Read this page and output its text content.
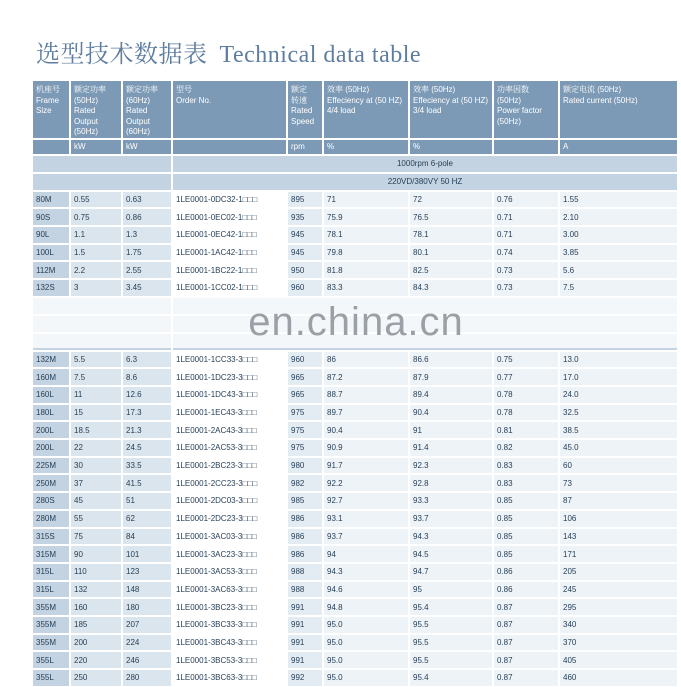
选型技术数据表 Technical data table
机座号
Frame
Size	额定功率
(50Hz)
Rated Output
(50Hz)	额定功率
(60Hz)
Rated Output
(60Hz)	型号
Order No.	额定
转速
Rated
Speed	效率 (50Hz)
Effeciency at (50 HZ)
4/4 load	效率 (50Hz)
Effeciency at (50 HZ)
3/4 load	功率因数 (50Hz)
Power factor
(50Hz)	额定电流 (50Hz)
Rated current (50Hz)
	kW	kW		rpm	%	%		A
			1000rpm 6-pole					
			220VD/380VY 50 HZ					
80M	0.55	0.63	1LE0001-0DC32-1□□□	895	71	72	0.76	1.55
90S	0.75	0.86	1LE0001-0EC02-1□□□	935	75.9	76.5	0.71	2.10
90L	1.1	1.3	1LE0001-0EC42-1□□□	945	78.1	78.1	0.71	3.00
100L	1.5	1.75	1LE0001-1AC42-1□□□	945	79.8	80.1	0.74	3.85
112M	2.2	2.55	1LE0001-1BC22-1□□□	950	81.8	82.5	0.73	5.6
132S	3	3.45	1LE0001-1CC02-1□□□	960	83.3	84.3	0.73	7.5

132M	5.5	6.3	1LE0001-1CC33-3□□□	960	86	86.6	0.75	13.0
160M	7.5	8.6	1LE0001-1DC23-3□□□	965	87.2	87.9	0.77	17.0
160L	11	12.6	1LE0001-1DC43-3□□□	965	88.7	89.4	0.78	24.0
180L	15	17.3	1LE0001-1EC43-3□□□	975	89.7	90.4	0.78	32.5
200L	18.5	21.3	1LE0001-2AC43-3□□□	975	90.4	91	0.81	38.5
200L	22	24.5	1LE0001-2AC53-3□□□	975	90.9	91.4	0.82	45.0
225M	30	33.5	1LE0001-2BC23-3□□□	980	91.7	92.3	0.83	60
250M	37	41.5	1LE0001-2CC23-3□□□	982	92.2	92.8	0.83	73
280S	45	51	1LE0001-2DC03-3□□□	985	92.7	93.3	0.85	87
280M	55	62	1LE0001-2DC23-3□□□	986	93.1	93.7	0.85	106
315S	75	84	1LE0001-3AC03-3□□□	986	93.7	94.3	0.85	143
315M	90	101	1LE0001-3AC23-3□□□	986	94	94.5	0.85	171
315L	110	123	1LE0001-3AC53-3□□□	988	94.3	94.7	0.86	205
315L	132	148	1LE0001-3AC63-3□□□	988	94.6	95	0.86	245
355M	160	180	1LE0001-3BC23-3□□□	991	94.8	95.4	0.87	295
355M	185	207	1LE0001-3BC33-3□□□	991	95.0	95.5	0.87	340
355M	200	224	1LE0001-3BC43-3□□□	991	95.0	95.5	0.87	370
355L	220	246	1LE0001-3BC53-3□□□	991	95.0	95.5	0.87	405
355L	250	280	1LE0001-3BC63-3□□□	992	95.0	95.4	0.87	460
en.china.cn
